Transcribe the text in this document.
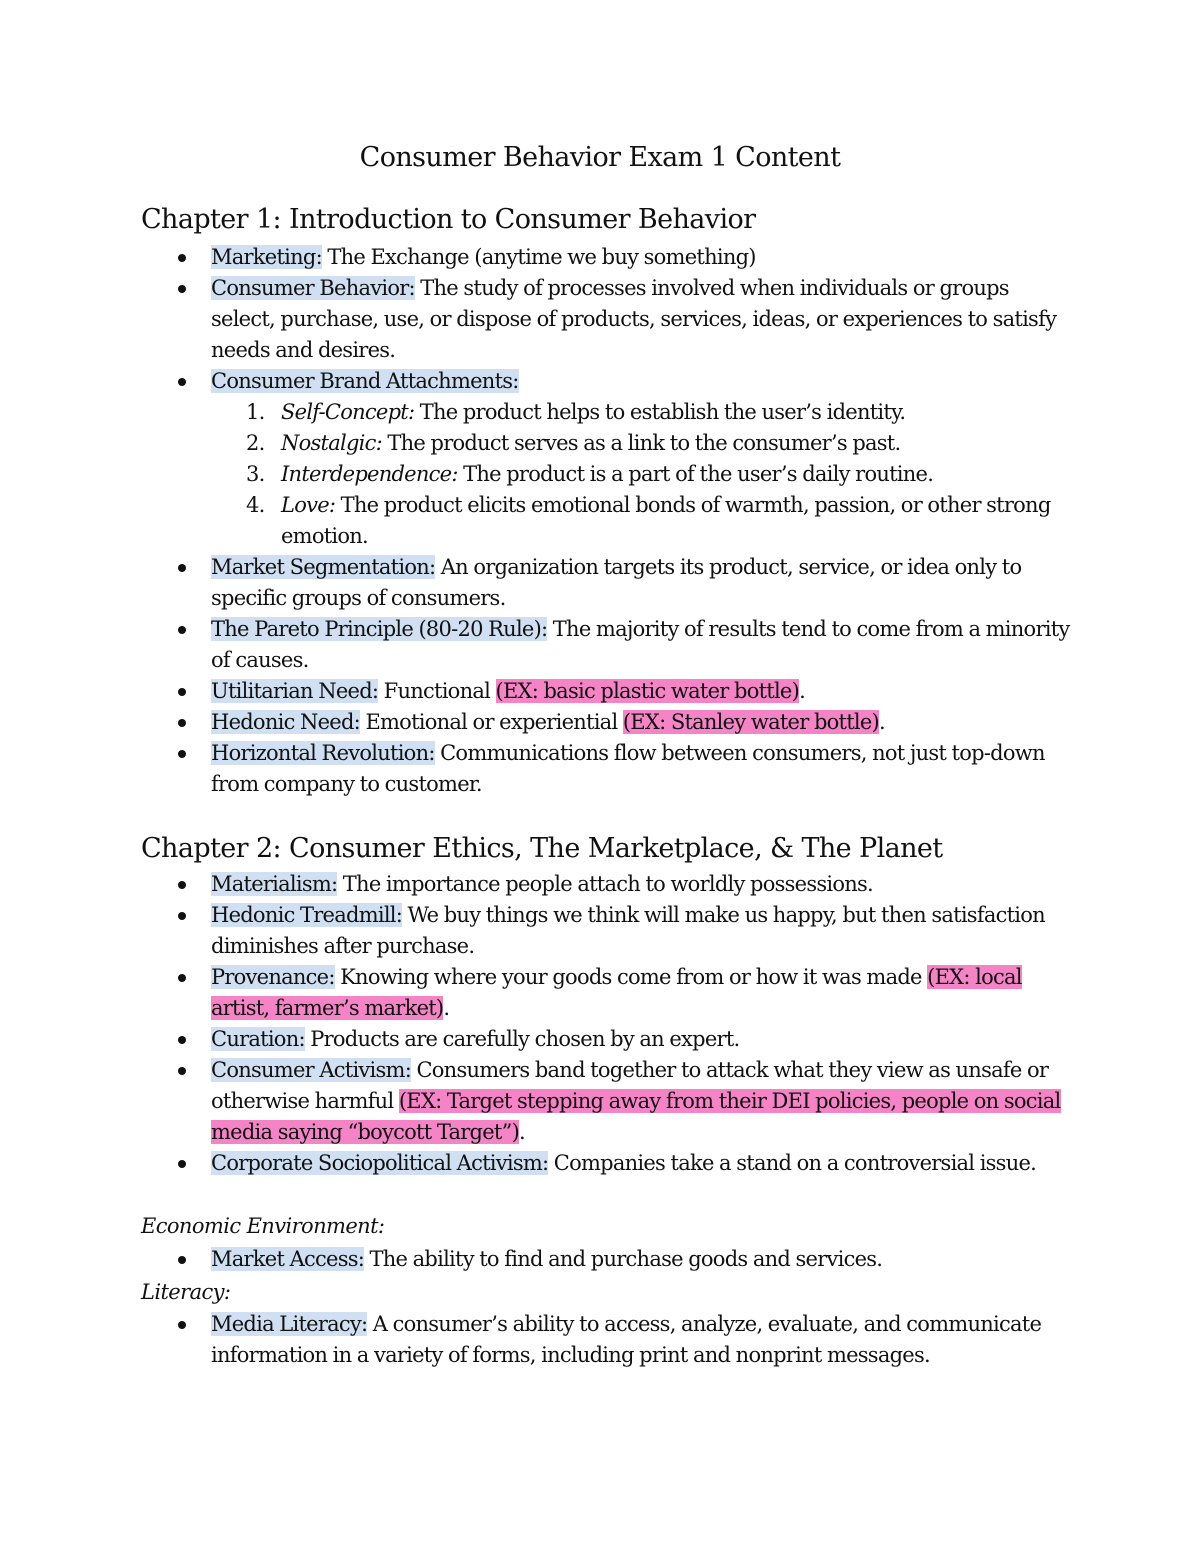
Consumer Behavior Exam 1 Content
Chapter 1: Introduction to Consumer Behavior
Marketing: The Exchange (anytime we buy something)
Consumer Behavior: The study of processes involved when individuals or groups select, purchase, use, or dispose of products, services, ideas, or experiences to satisfy needs and desires.
Consumer Brand Attachments:
1. Self-Concept: The product helps to establish the user’s identity.
2. Nostalgic: The product serves as a link to the consumer’s past.
3. Interdependence: The product is a part of the user’s daily routine.
4. Love: The product elicits emotional bonds of warmth, passion, or other strong emotion.
Market Segmentation: An organization targets its product, service, or idea only to specific groups of consumers.
The Pareto Principle (80-20 Rule): The majority of results tend to come from a minority of causes.
Utilitarian Need: Functional (EX: basic plastic water bottle).
Hedonic Need: Emotional or experiential (EX: Stanley water bottle).
Horizontal Revolution: Communications flow between consumers, not just top-down from company to customer.
Chapter 2: Consumer Ethics, The Marketplace, & The Planet
Materialism: The importance people attach to worldly possessions.
Hedonic Treadmill: We buy things we think will make us happy, but then satisfaction diminishes after purchase.
Provenance: Knowing where your goods come from or how it was made (EX: local artist, farmer’s market).
Curation: Products are carefully chosen by an expert.
Consumer Activism: Consumers band together to attack what they view as unsafe or otherwise harmful (EX: Target stepping away from their DEI policies, people on social media saying “boycott Target”).
Corporate Sociopolitical Activism: Companies take a stand on a controversial issue.
Economic Environment:
Market Access: The ability to find and purchase goods and services.
Literacy:
Media Literacy: A consumer’s ability to access, analyze, evaluate, and communicate information in a variety of forms, including print and nonprint messages.
